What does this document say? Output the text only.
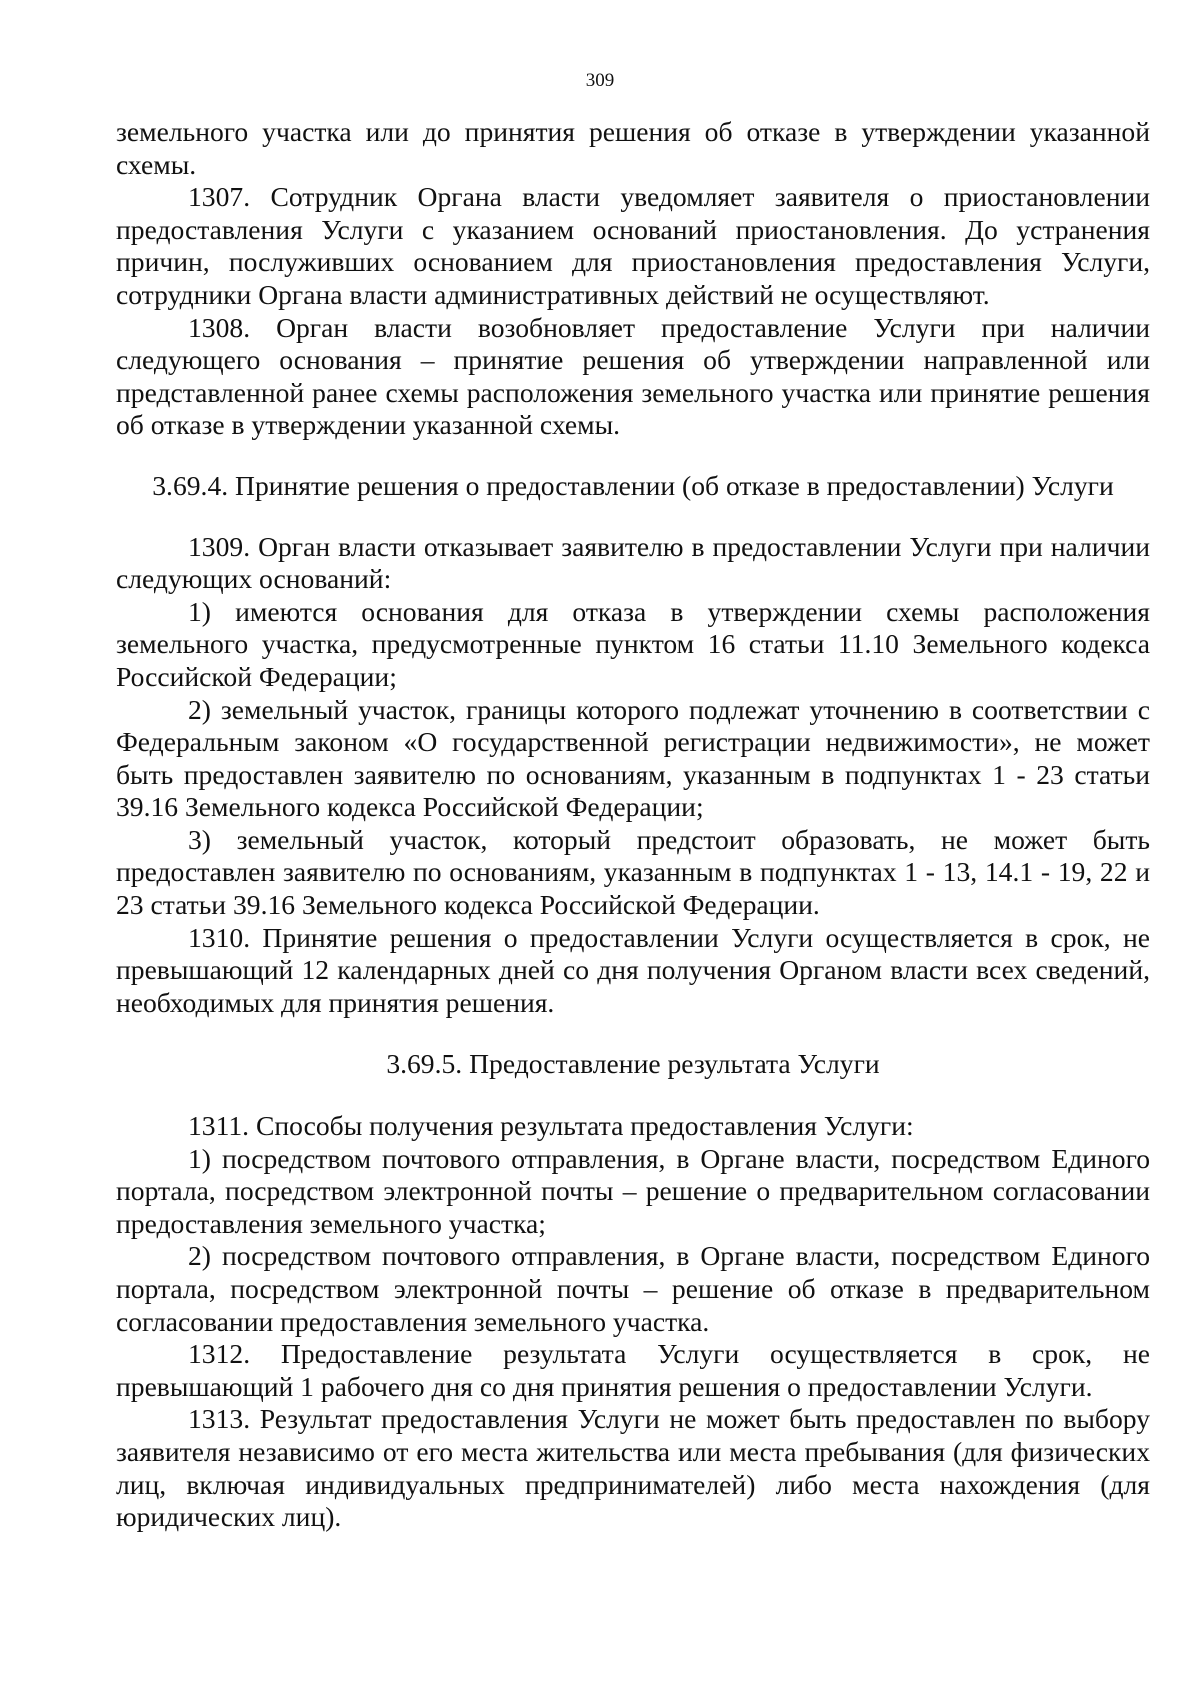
309

земельного участка или до принятия решения об отказе в утверждении указанной схемы.

1307. Сотрудник Органа власти уведомляет заявителя о приостановлении предоставления Услуги с указанием оснований приостановления. До устранения причин, послуживших основанием для приостановления предоставления Услуги, сотрудники Органа власти административных действий не осуществляют.

1308. Орган власти возобновляет предоставление Услуги при наличии следующего основания – принятие решения об утверждении направленной или представленной ранее схемы расположения земельного участка или принятие решения об отказе в утверждении указанной схемы.

3.69.4. Принятие решения о предоставлении (об отказе в предоставлении) Услуги

1309. Орган власти отказывает заявителю в предоставлении Услуги при наличии следующих оснований:

1) имеются основания для отказа в утверждении схемы расположения земельного участка, предусмотренные пунктом 16 статьи 11.10 Земельного кодекса Российской Федерации;

2) земельный участок, границы которого подлежат уточнению в соответствии с Федеральным законом «О государственной регистрации недвижимости», не может быть предоставлен заявителю по основаниям, указанным в подпунктах 1 - 23 статьи 39.16 Земельного кодекса Российской Федерации;

3) земельный участок, который предстоит образовать, не может быть предоставлен заявителю по основаниям, указанным в подпунктах 1 - 13, 14.1 - 19, 22 и 23 статьи 39.16 Земельного кодекса Российской Федерации.

1310. Принятие решения о предоставлении Услуги осуществляется в срок, не превышающий 12 календарных дней со дня получения Органом власти всех сведений, необходимых для принятия решения.

3.69.5. Предоставление результата Услуги

1311. Способы получения результата предоставления Услуги:

1) посредством почтового отправления, в Органе власти, посредством Единого портала, посредством электронной почты – решение о предварительном согласовании предоставления земельного участка;

2) посредством почтового отправления, в Органе власти, посредством Единого портала, посредством электронной почты – решение об отказе в предварительном согласовании предоставления земельного участка.

1312. Предоставление результата Услуги осуществляется в срок, не превышающий 1 рабочего дня со дня принятия решения о предоставлении Услуги.

1313. Результат предоставления Услуги не может быть предоставлен по выбору заявителя независимо от его места жительства или места пребывания (для физических лиц, включая индивидуальных предпринимателей) либо места нахождения (для юридических лиц).
